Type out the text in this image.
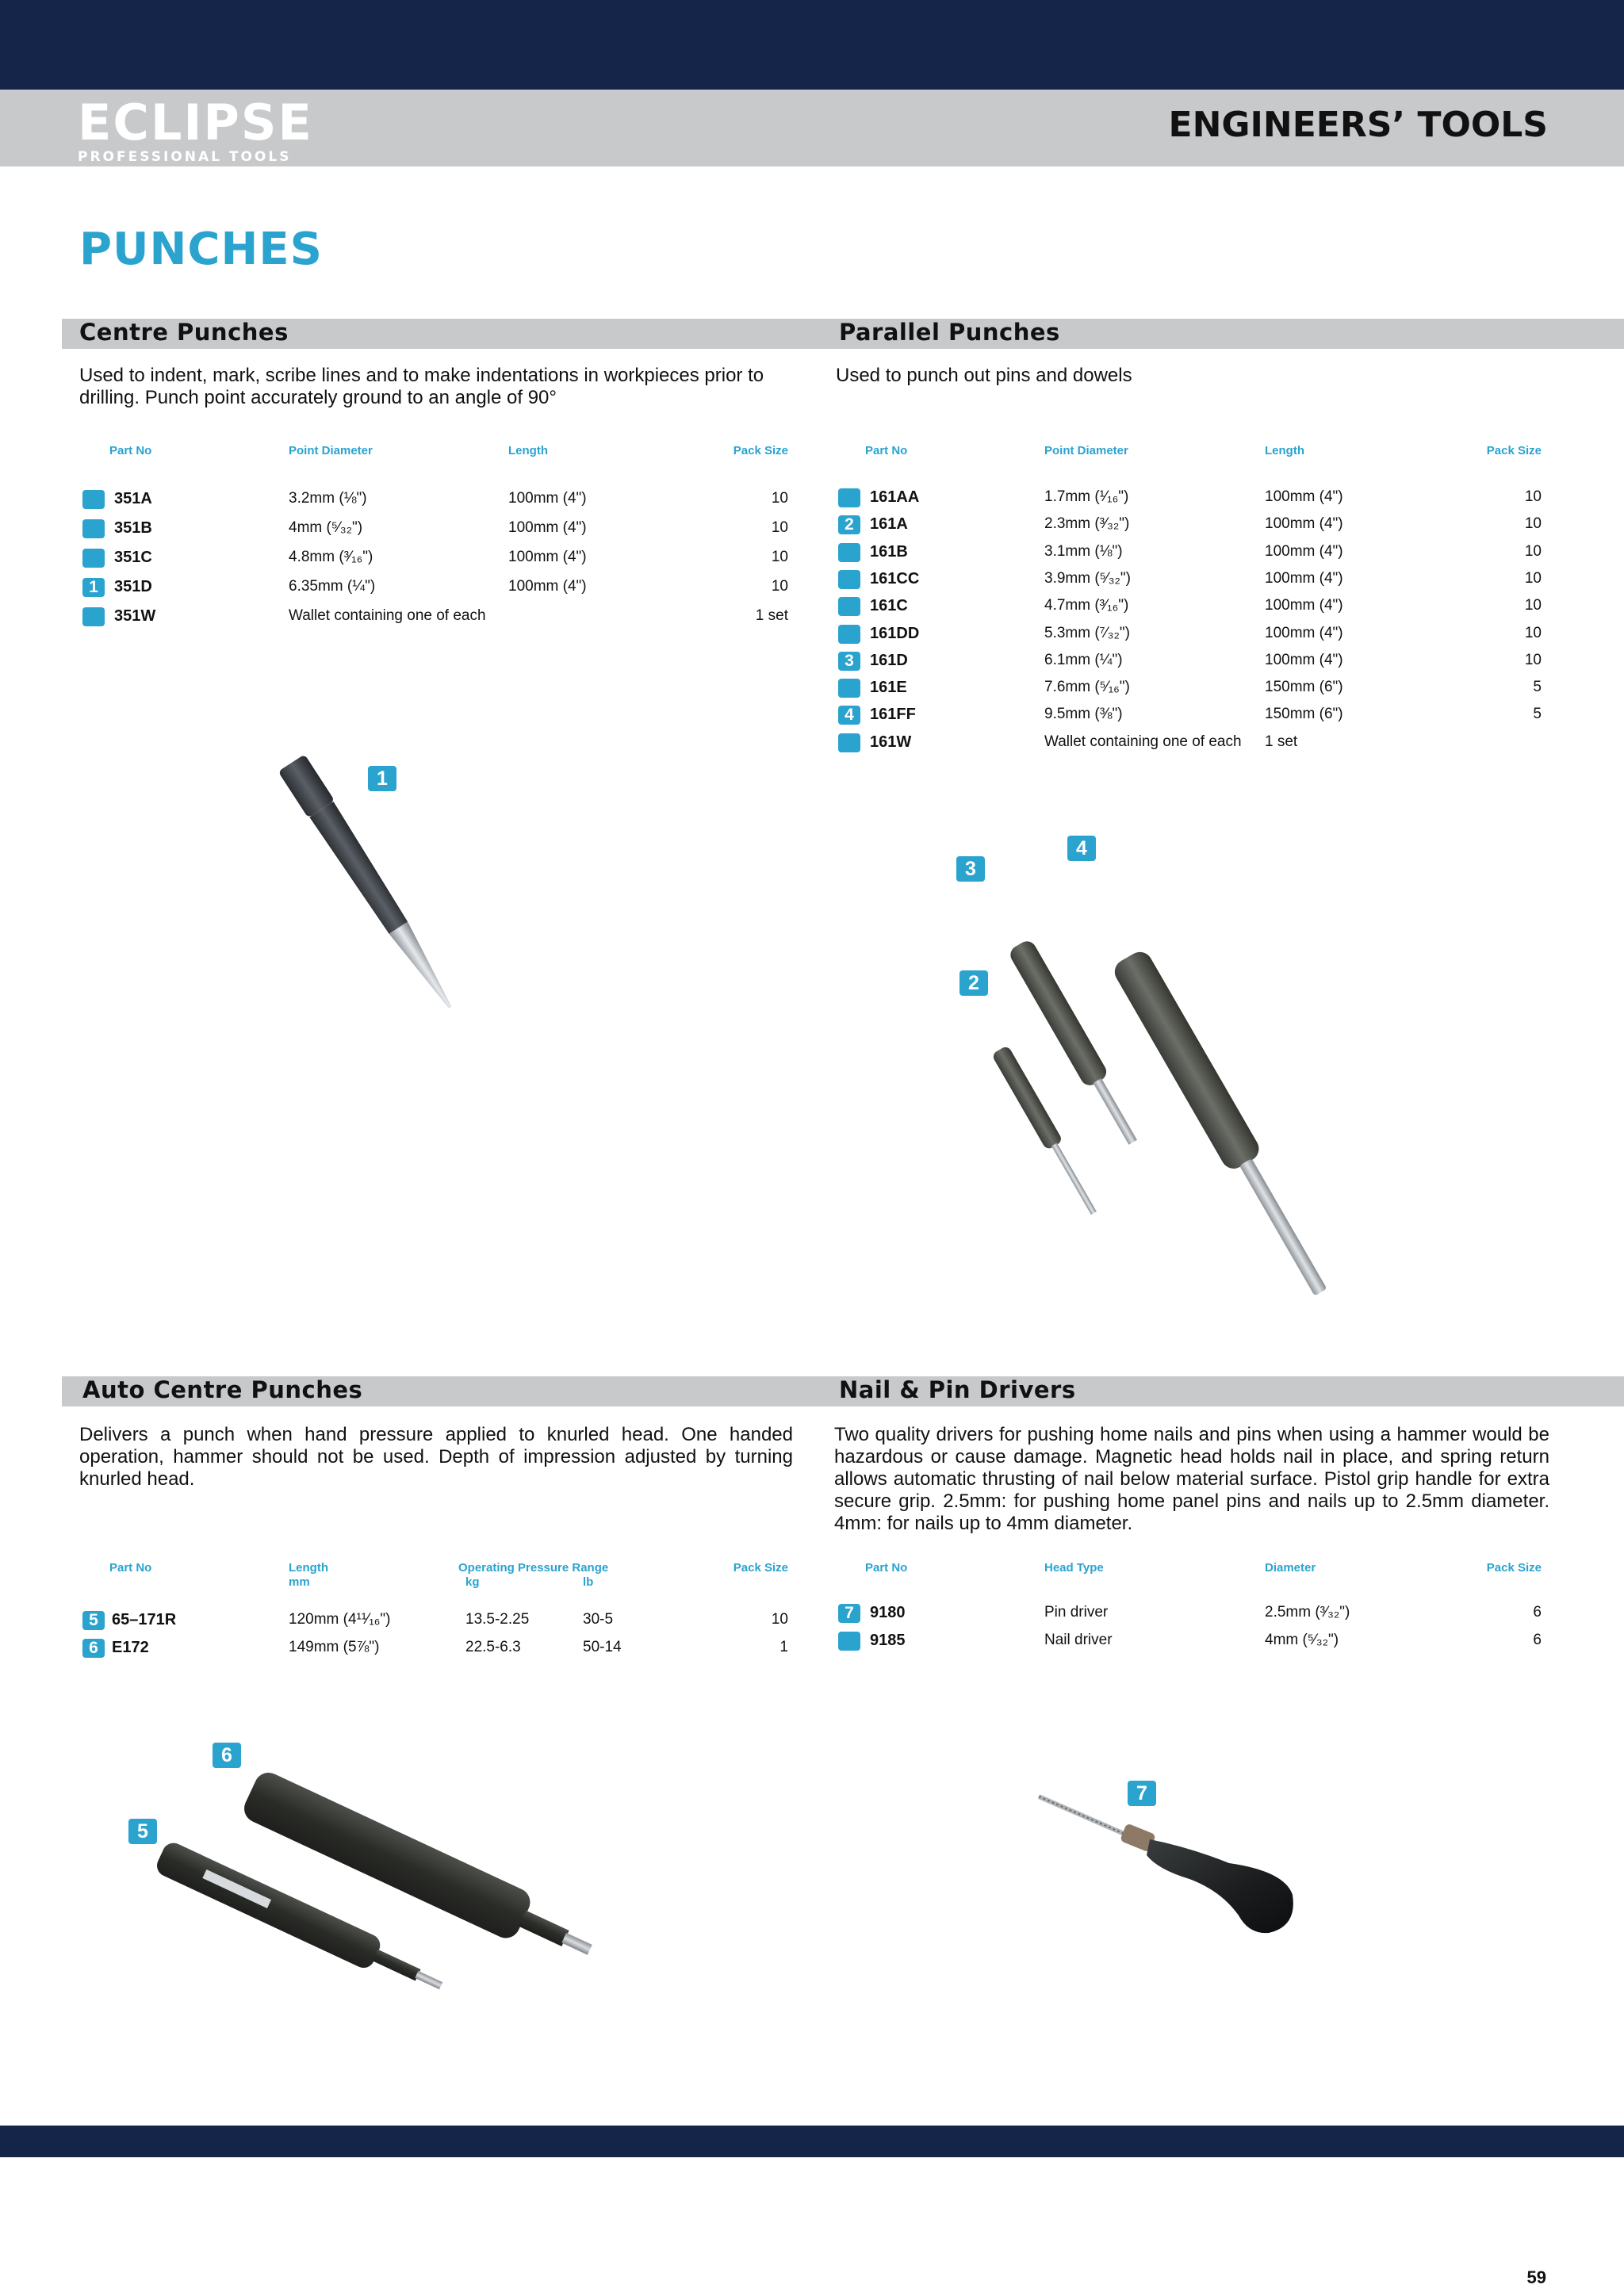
ECLIPSE
PROFESSIONAL TOOLS
ENGINEERS’ TOOLS
PUNCHES
Centre Punches
Used to indent, mark, scribe lines and to make indentations in workpieces prior to drilling. Punch point accurately ground to an angle of 90°
Part No	Point Diameter	Length	Pack Size
351A	3.2mm (⅛")	100mm (4")	10
351B	4mm (⁵⁄₃₂")	100mm (4")	10
351C	4.8mm (³⁄₁₆")	100mm (4")	10
1	351D	6.35mm (¼")	100mm (4")	10
351W	Wallet containing one of each	1 set
Parallel Punches
Used to punch out pins and dowels
Part No	Point Diameter	Length	Pack Size
161AA	1.7mm (¹⁄₁₆")	100mm (4")	10
2	161A	2.3mm (³⁄₃₂")	100mm (4")	10
161B	3.1mm (⅛")	100mm (4")	10
161CC	3.9mm (⁵⁄₃₂")	100mm (4")	10
161C	4.7mm (³⁄₁₆")	100mm (4")	10
161DD	5.3mm (⁷⁄₃₂")	100mm (4")	10
3	161D	6.1mm (¼")	100mm (4")	10
161E	7.6mm (⁵⁄₁₆")	150mm (6")	5
4	161FF	9.5mm (⅜")	150mm (6")	5
161W	Wallet containing one of each 1 set
Auto Centre Punches
Delivers a punch when hand pressure applied to knurled head. One handed operation, hammer should not be used. Depth of impression adjusted by turning knurled head.
Part No	Length
mm
Operating Pressure Range
kg	lb
Pack Size
5 65–171R	120mm (4¹¹⁄₁₆")	13.5-2.25	30-5	10
6 E172	149mm (5⅞")	22.5-6.3	50-14	1
Nail & Pin Drivers
Two quality drivers for pushing home nails and pins when using a hammer would be hazardous or cause damage. Magnetic head holds nail in place, and spring return allows automatic thrusting of nail below material surface. Pistol grip handle for extra secure grip. 2.5mm: for pushing home panel pins and nails up to 2.5mm diameter. 4mm: for nails up to 4mm diameter.
Part No	Head Type	Diameter	Pack Size
7	9180	Pin driver	2.5mm (³⁄₃₂")	6
9185	Nail driver	4mm (⁵⁄₃₂")	6
1
4
3
2
6
5
7
59
